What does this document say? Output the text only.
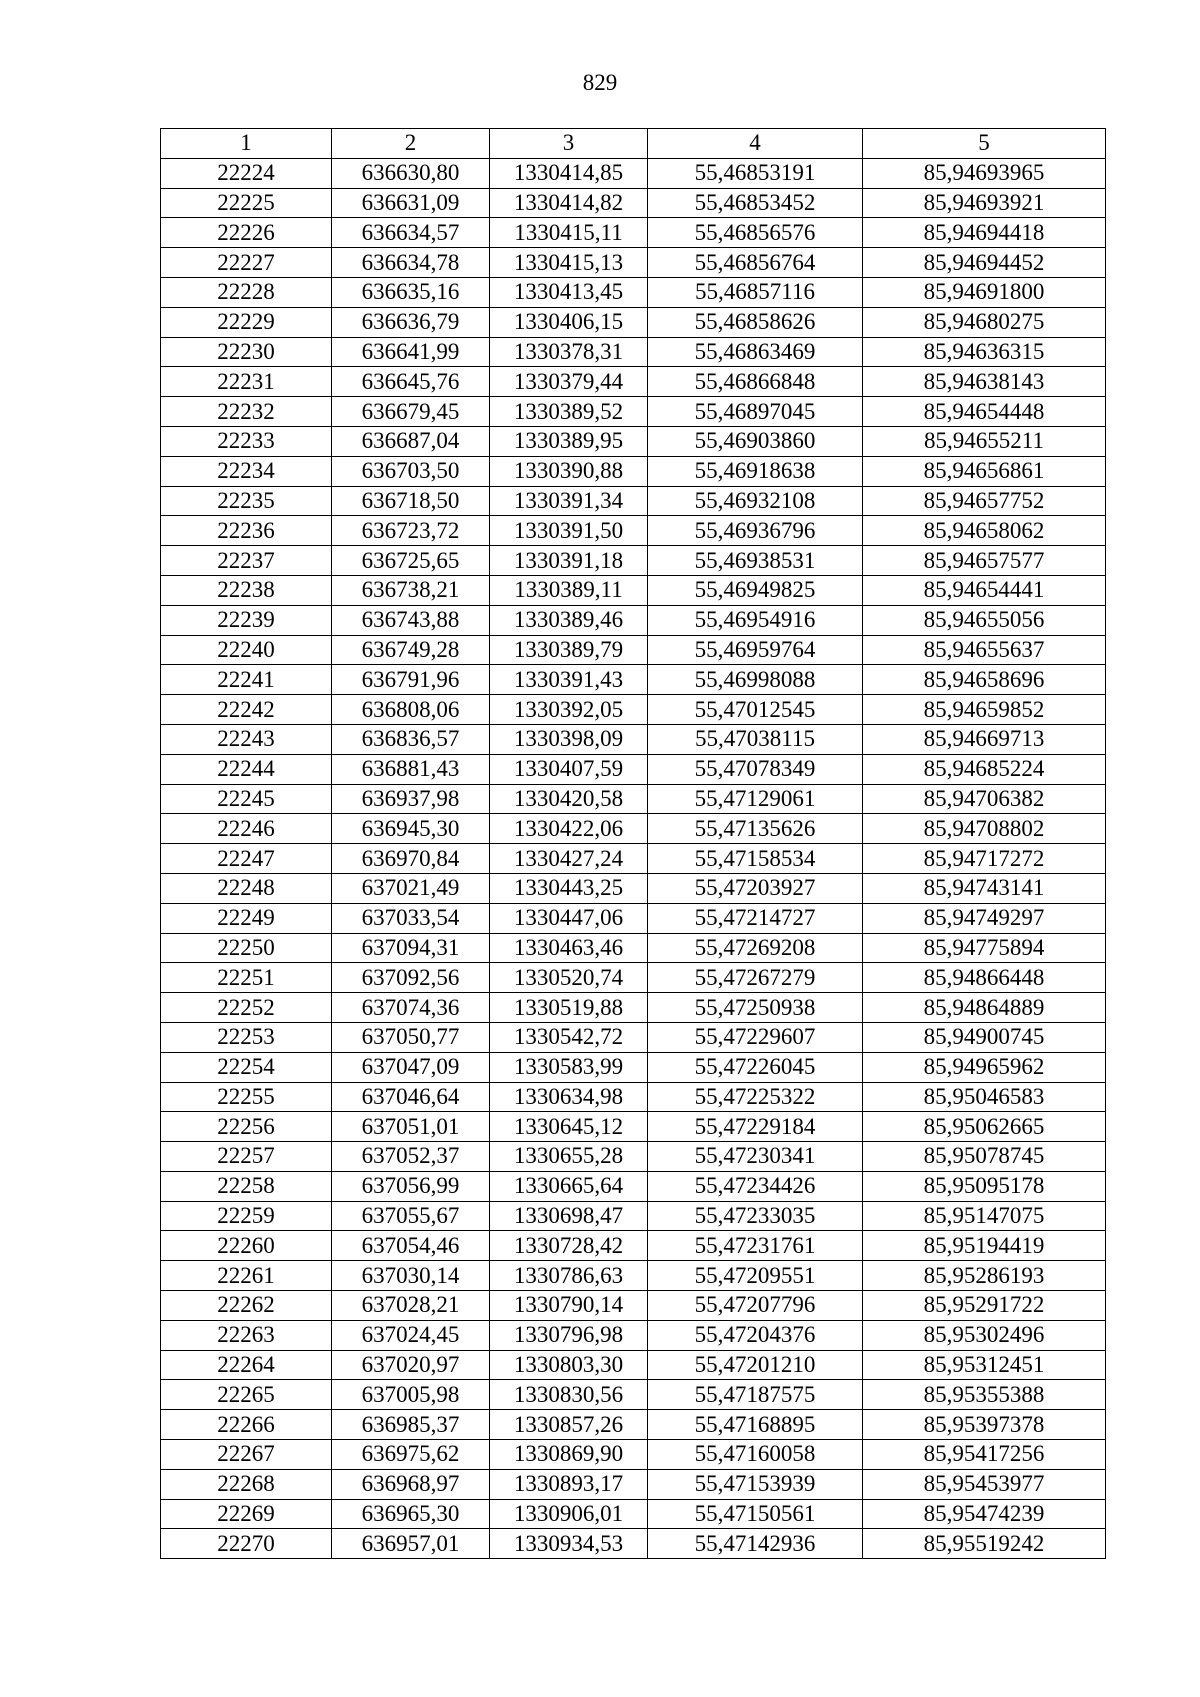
829
1	2	3	4	5
22224	636630,80	1330414,85	55,46853191	85,94693965
22225	636631,09	1330414,82	55,46853452	85,94693921
22226	636634,57	1330415,11	55,46856576	85,94694418
22227	636634,78	1330415,13	55,46856764	85,94694452
22228	636635,16	1330413,45	55,46857116	85,94691800
22229	636636,79	1330406,15	55,46858626	85,94680275
22230	636641,99	1330378,31	55,46863469	85,94636315
22231	636645,76	1330379,44	55,46866848	85,94638143
22232	636679,45	1330389,52	55,46897045	85,94654448
22233	636687,04	1330389,95	55,46903860	85,94655211
22234	636703,50	1330390,88	55,46918638	85,94656861
22235	636718,50	1330391,34	55,46932108	85,94657752
22236	636723,72	1330391,50	55,46936796	85,94658062
22237	636725,65	1330391,18	55,46938531	85,94657577
22238	636738,21	1330389,11	55,46949825	85,94654441
22239	636743,88	1330389,46	55,46954916	85,94655056
22240	636749,28	1330389,79	55,46959764	85,94655637
22241	636791,96	1330391,43	55,46998088	85,94658696
22242	636808,06	1330392,05	55,47012545	85,94659852
22243	636836,57	1330398,09	55,47038115	85,94669713
22244	636881,43	1330407,59	55,47078349	85,94685224
22245	636937,98	1330420,58	55,47129061	85,94706382
22246	636945,30	1330422,06	55,47135626	85,94708802
22247	636970,84	1330427,24	55,47158534	85,94717272
22248	637021,49	1330443,25	55,47203927	85,94743141
22249	637033,54	1330447,06	55,47214727	85,94749297
22250	637094,31	1330463,46	55,47269208	85,94775894
22251	637092,56	1330520,74	55,47267279	85,94866448
22252	637074,36	1330519,88	55,47250938	85,94864889
22253	637050,77	1330542,72	55,47229607	85,94900745
22254	637047,09	1330583,99	55,47226045	85,94965962
22255	637046,64	1330634,98	55,47225322	85,95046583
22256	637051,01	1330645,12	55,47229184	85,95062665
22257	637052,37	1330655,28	55,47230341	85,95078745
22258	637056,99	1330665,64	55,47234426	85,95095178
22259	637055,67	1330698,47	55,47233035	85,95147075
22260	637054,46	1330728,42	55,47231761	85,95194419
22261	637030,14	1330786,63	55,47209551	85,95286193
22262	637028,21	1330790,14	55,47207796	85,95291722
22263	637024,45	1330796,98	55,47204376	85,95302496
22264	637020,97	1330803,30	55,47201210	85,95312451
22265	637005,98	1330830,56	55,47187575	85,95355388
22266	636985,37	1330857,26	55,47168895	85,95397378
22267	636975,62	1330869,90	55,47160058	85,95417256
22268	636968,97	1330893,17	55,47153939	85,95453977
22269	636965,30	1330906,01	55,47150561	85,95474239
22270	636957,01	1330934,53	55,47142936	85,95519242
